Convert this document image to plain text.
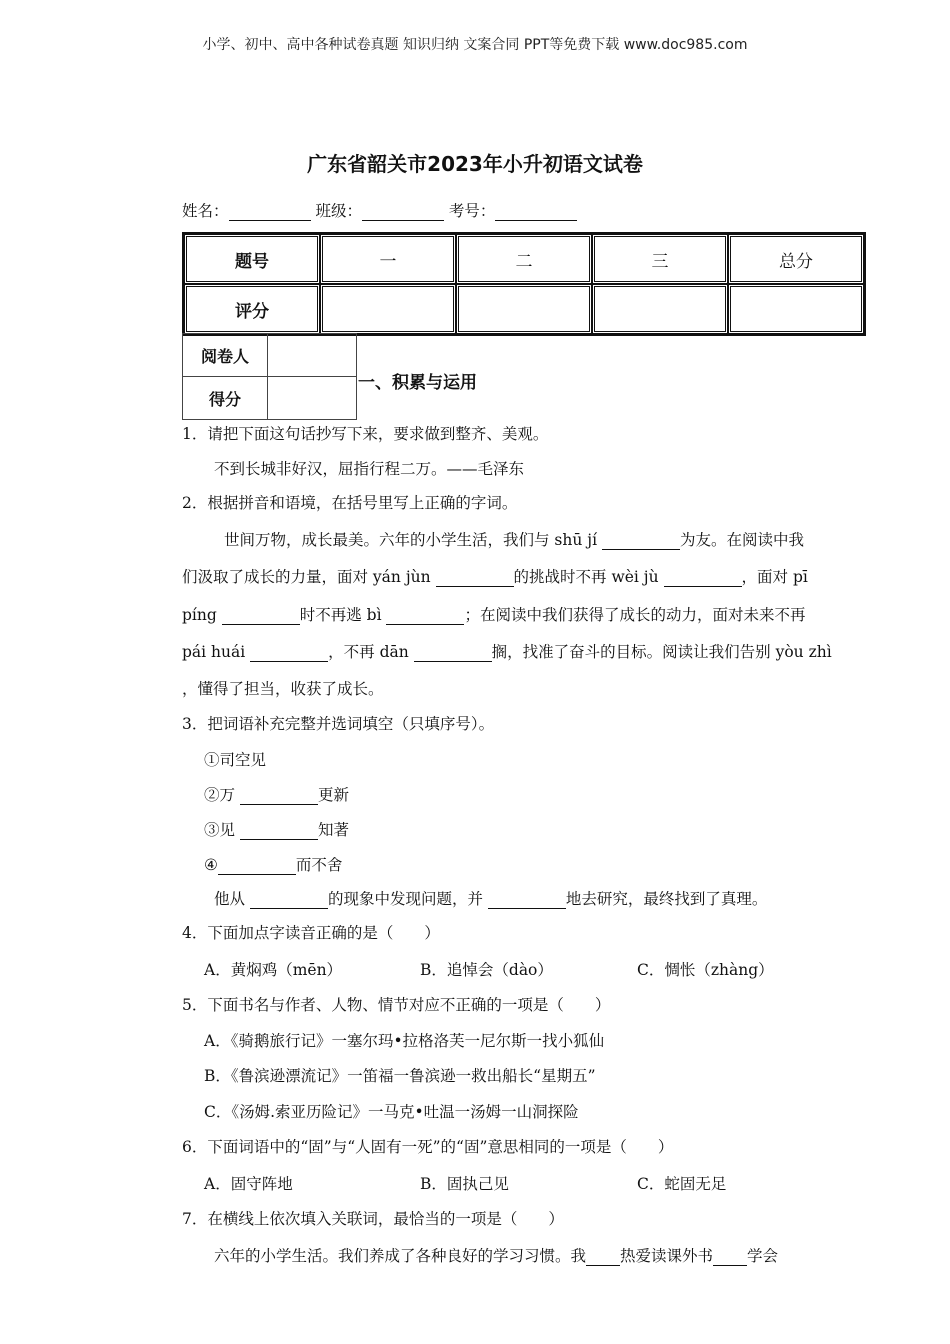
小学、初中、高中各种试卷真题 知识归纳 文案合同 PPT等免费下载 www.doc985.com
广东省韶关市2023年小升初语文试卷
姓名：	班级：	考号：
题号	一	二	三	总分
评分				
阅卷人	
得分	
一、积累与运用
1．请把下面这句话抄写下来，要求做到整齐、美观。
不到长城非好汉，屈指行程二万。——毛泽东
2．根据拼音和语境，在括号里写上正确的字词。
世间万物，成长最美。六年的小学生活，我们与 shū jí	为友。在阅读中我
们汲取了成长的力量，面对 yán jùn	的挑战时不再 wèi jù	，面对 pī
píng	时不再逃 bì	；在阅读中我们获得了成长的动力，面对未来不再
pái huái	，不再 dān	搁，找准了奋斗的目标。阅读让我们告别 yòu zhì
，懂得了担当，收获了成长。
3．把词语补充完整并选词填空（只填序号）。
①司空见
②万	更新
③见	知著
④	而不舍
他从	的现象中发现问题，并	地去研究，最终找到了真理。
4．下面加点字读音正确的是（　　）
A．黄焖鸡（mēn）	B．追悼会（dào）	C．惆怅（zhàng）
5．下面书名与作者、人物、情节对应不正确的一项是（　　）
A．《骑鹅旅行记》一塞尔玛•拉格洛芙一尼尔斯一找小狐仙
B．《鲁滨逊漂流记》一笛福一鲁滨逊一救出船长“星期五”
C．《汤姆.索亚历险记》一马克•吐温一汤姆一山洞探险
6．下面词语中的“固”与“人固有一死”的“固”意思相同的一项是（　　）
A．固守阵地	B．固执己见	C．蛇固无足
7．在横线上依次填入关联词，最恰当的一项是（　　）
六年的小学生活。我们养成了各种良好的学习习惯。我 热爱读课外书 学会
